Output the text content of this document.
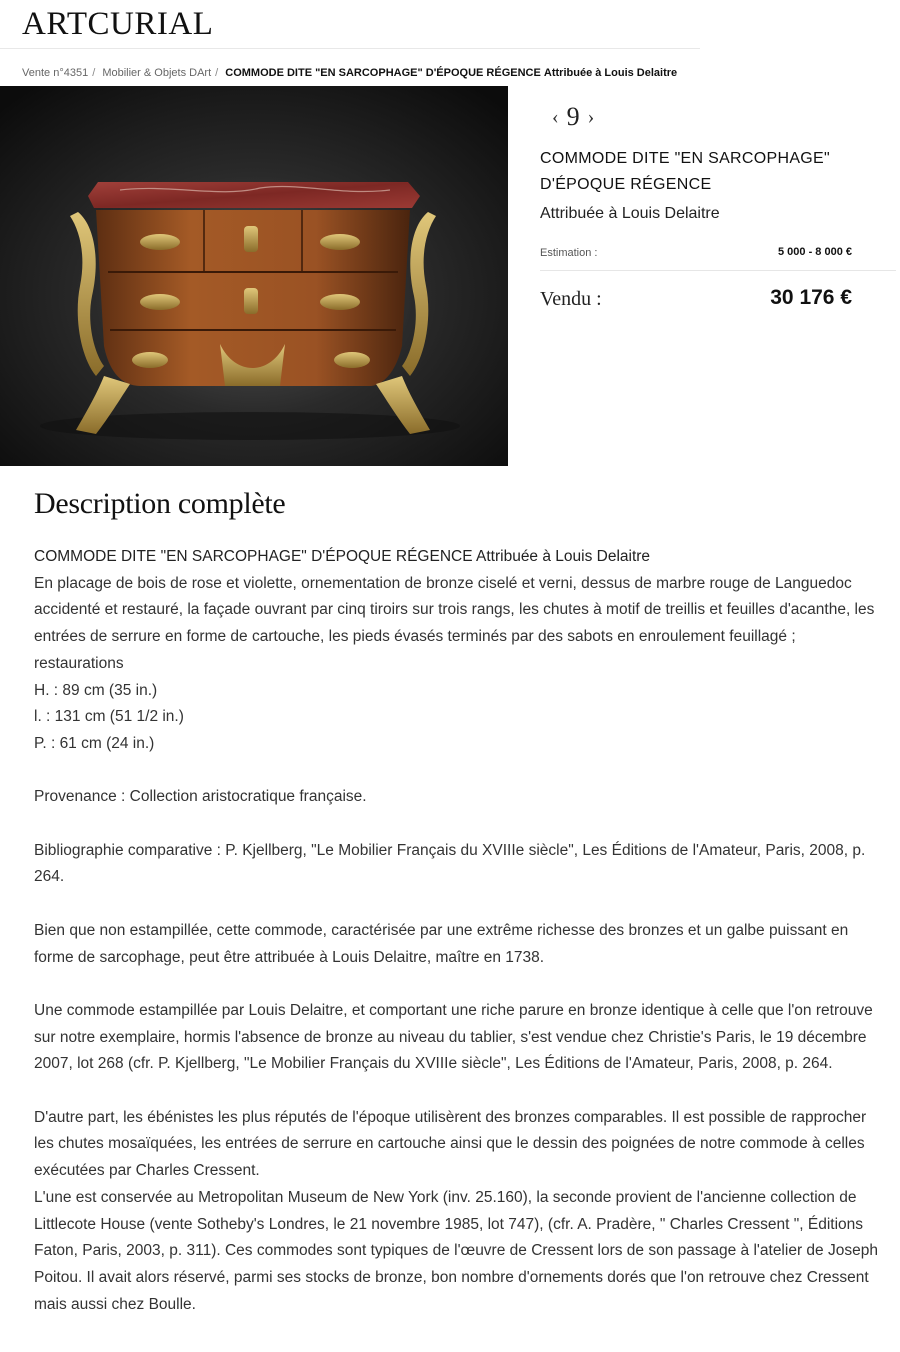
ARTCURIAL
Vente n°4351 / Mobilier & Objets DArt / COMMODE DITE "EN SARCOPHAGE" D'ÉPOQUE RÉGENCE Attribuée à Louis Delaitre
‹ 9 ›
COMMODE DITE "EN SARCOPHAGE"
D'ÉPOQUE RÉGENCE
Attribuée à Louis Delaitre
Estimation :	5 000 - 8 000 €
Vendu :	30 176 €
Description complète

COMMODE DITE "EN SARCOPHAGE" D'ÉPOQUE RÉGENCE Attribuée à Louis Delaitre

En placage de bois de rose et violette, ornementation de bronze ciselé et verni, dessus de marbre rouge de Languedoc accidenté et restauré, la façade ouvrant par cinq tiroirs sur trois rangs, les chutes à motif de treillis et feuilles d'acanthe, les entrées de serrure en forme de cartouche, les pieds évasés terminés par des sabots en enroulement feuillagé ; restaurations

H. : 89 cm (35 in.)

l. : 131 cm (51 1/2 in.)

P. : 61 cm (24 in.)

Provenance : Collection aristocratique française.

Bibliographie comparative : P. Kjellberg, "Le Mobilier Français du XVIIIe siècle", Les Éditions de l'Amateur, Paris, 2008, p. 264.

Bien que non estampillée, cette commode, caractérisée par une extrême richesse des bronzes et un galbe puissant en forme de sarcophage, peut être attribuée à Louis Delaitre, maître en 1738.

Une commode estampillée par Louis Delaitre, et comportant une riche parure en bronze identique à celle que l'on retrouve sur notre exemplaire, hormis l'absence de bronze au niveau du tablier, s'est vendue chez Christie's Paris, le 19 décembre 2007, lot 268 (cfr. P. Kjellberg, "Le Mobilier Français du XVIIIe siècle", Les Éditions de l'Amateur, Paris, 2008, p. 264.

D'autre part, les ébénistes les plus réputés de l'époque utilisèrent des bronzes comparables. Il est possible de rapprocher les chutes mosaïquées, les entrées de serrure en cartouche ainsi que le dessin des poignées de notre commode à celles exécutées par Charles Cressent.

L'une est conservée au Metropolitan Museum de New York (inv. 25.160), la seconde provient de l'ancienne collection de Littlecote House (vente Sotheby's Londres, le 21 novembre 1985, lot 747), (cfr. A. Pradère, " Charles Cressent ", Éditions Faton, Paris, 2003, p. 311). Ces commodes sont typiques de l'œuvre de Cressent lors de son passage à l'atelier de Joseph Poitou. Il avait alors réservé, parmi ses stocks de bronze, bon nombre d'ornements dorés que l'on retrouve chez Cressent mais aussi chez Boulle.
